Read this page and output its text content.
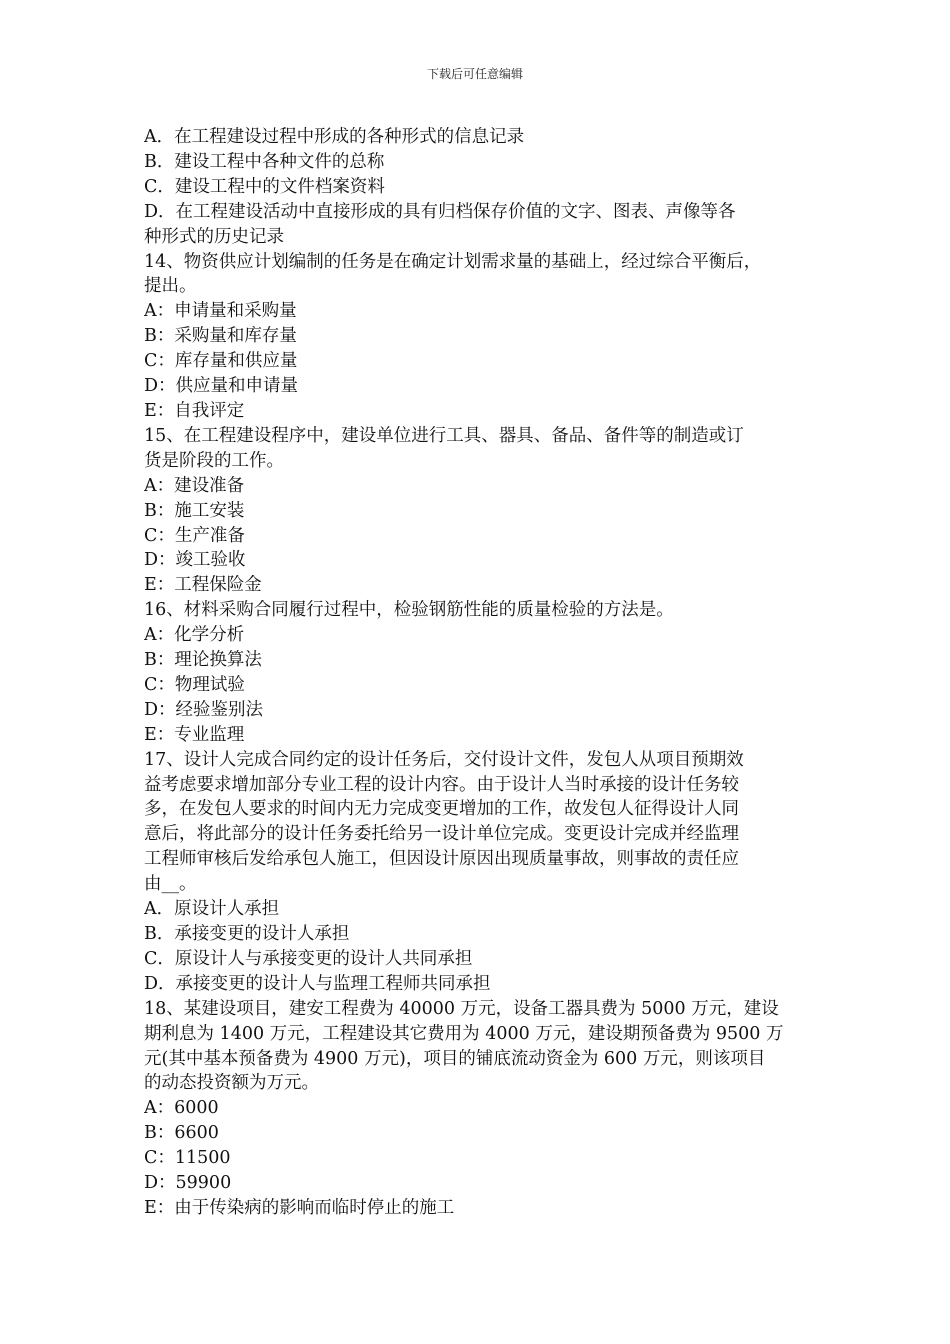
下载后可任意编辑
A．在工程建设过程中形成的各种形式的信息记录
B．建设工程中各种文件的总称
C．建设工程中的文件档案资料
D．在工程建设活动中直接形成的具有归档保存价值的文字、图表、声像等各
种形式的历史记录
14、物资供应计划编制的任务是在确定计划需求量的基础上，经过综合平衡后，
提出。
A：申请量和采购量
B：采购量和库存量
C：库存量和供应量
D：供应量和申请量
E：自我评定
15、在工程建设程序中，建设单位进行工具、器具、备品、备件等的制造或订
货是阶段的工作。
A：建设准备
B：施工安装
C：生产准备
D：竣工验收
E：工程保险金
16、材料采购合同履行过程中，检验钢筋性能的质量检验的方法是。
A：化学分析
B：理论换算法
C：物理试验
D：经验鉴别法
E：专业监理
17、设计人完成合同约定的设计任务后，交付设计文件，发包人从项目预期效
益考虑要求增加部分专业工程的设计内容。由于设计人当时承接的设计任务较
多，在发包人要求的时间内无力完成变更增加的工作，故发包人征得设计人同
意后，将此部分的设计任务委托给另一设计单位完成。变更设计完成并经监理
工程师审核后发给承包人施工，但因设计原因出现质量事故，则事故的责任应
由__。
A．原设计人承担
B．承接变更的设计人承担
C．原设计人与承接变更的设计人共同承担
D．承接变更的设计人与监理工程师共同承担
18、某建设项目，建安工程费为 40000 万元，设备工器具费为 5000 万元，建设
期利息为 1400 万元，工程建设其它费用为 4000 万元，建设期预备费为 9500 万
元(其中基本预备费为 4900 万元)，项目的铺底流动资金为 600 万元，则该项目
的动态投资额为万元。
A：6000
B：6600
C：11500
D：59900
E：由于传染病的影响而临时停止的施工
